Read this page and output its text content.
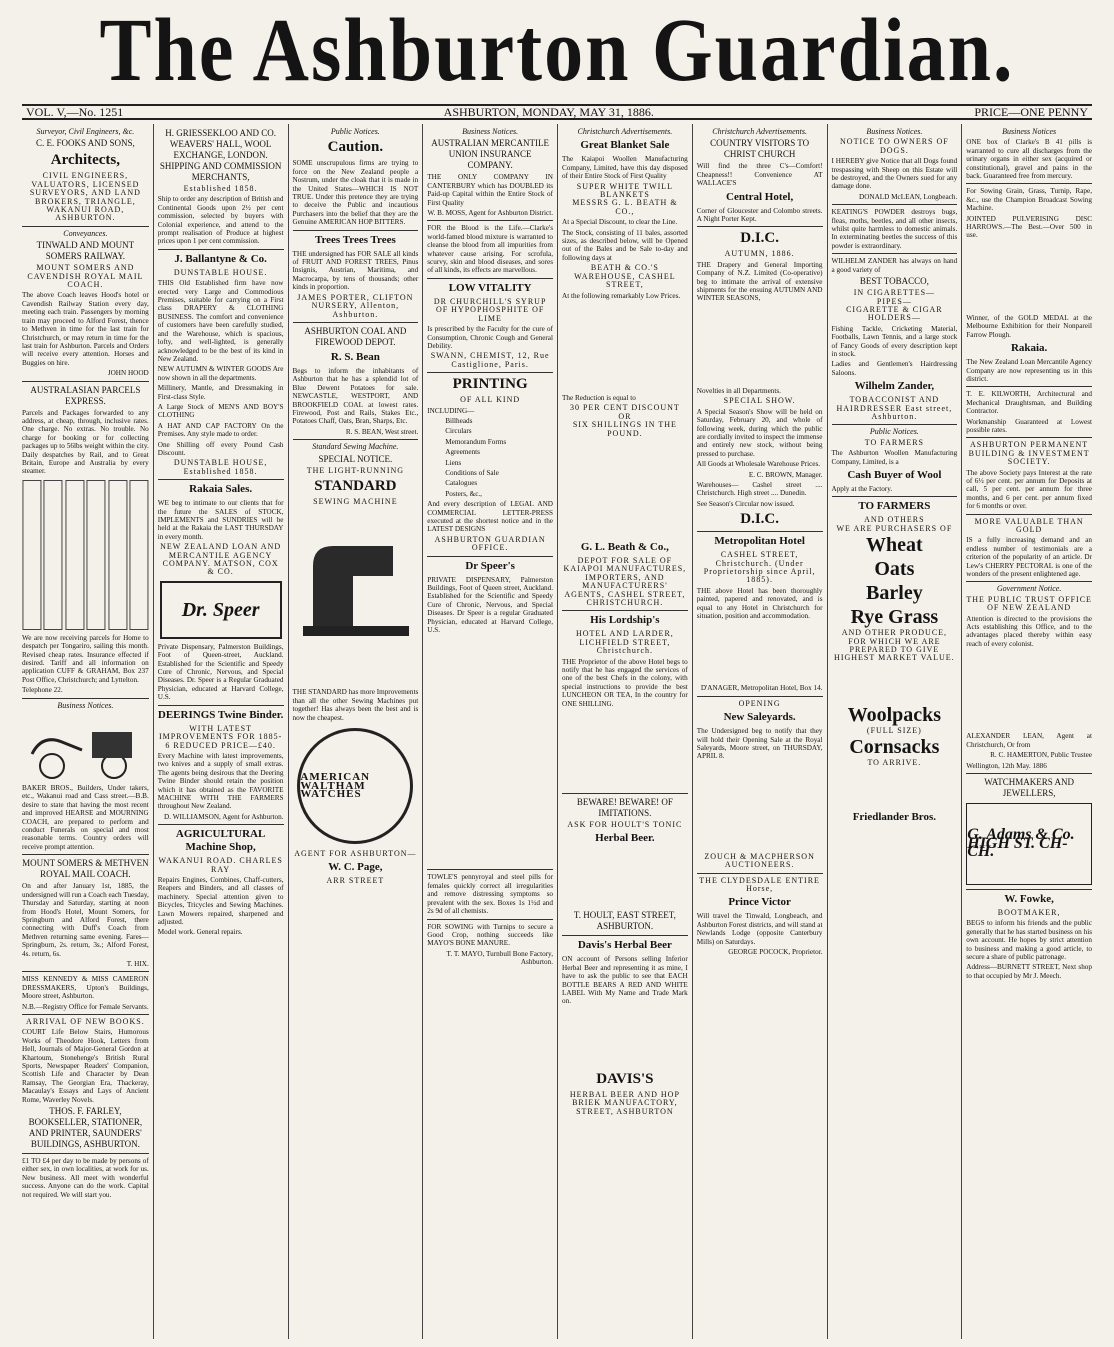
The Ashburton Guardian.
VOL. V,—No. 1251	ASHBURTON, MONDAY, MAY 31, 1886.	PRICE—ONE PENNY
Surveyor, Civil Engineers, &c.
C. E. FOOKS AND SONS,
Architects,
CIVIL ENGINEERS, VALUATORS, LICENSED SURVEYORS, AND LAND BROKERS, TRIANGLE, WAKANUI ROAD, ASHBURTON.
Conveyances.
TINWALD AND MOUNT SOMERS RAILWAY.
MOUNT SOMERS AND CAVENDISH ROYAL MAIL COACH.

The above Coach leaves Hood's hotel or Cavendish Railway Station every day, meeting each train. Passengers by morning train may proceed to Alford Forest, thence to Methven in time for the last train for Christchurch, or may return in time for the last train for Ashburton. Parcels and Orders will receive every attention. Horses and Buggies on hire.

JOHN HOOD

AUSTRALASIAN PARCELS EXPRESS.

Parcels and Packages forwarded to any address, at cheap, through, inclusive rates. One charge. No extras. No trouble. No charge for booking or for collecting packages up to 56lbs weight within the city. Daily despatches by Rail, and to Great Britain, Europe and Australia by every steamer.

We are now receiving parcels for Home to despatch per Tongariro, sailing this month. Revised cheap rates. Insurance effected if desired. Tariff and all information on application CUFF & GRAHAM, Box 237 Post Office, Christchurch; and Lyttelton.

Telephone 22.

Business Notices.

BAKER BROS., Builders, Under takers, etc., Wakanui road and Cass street.—B.B. desire to state that having the most recent and improved HEARSE and MOURNING COACH, are prepared to perform and conduct Funerals on special and most reasonable terms. Country orders will receive prompt attention.

MOUNT SOMERS & METHVEN ROYAL MAIL COACH.

On and after January 1st, 1885, the undersigned will run a Coach each Tuesday, Thursday and Saturday, starting at noon from Hood's Hotel, Mount Somers, for Springburn and Alford Forest, there connecting with Duff's Coach from Methven returning same evening. Fares—Springburn, 2s. return, 3s.; Alford Forest, 4s. return, 6s.

T. HIX.

MISS KENNEDY & MISS CAMERON DRESSMAKERS, Upton's Buildings, Moore street, Ashburton.

N.B.—Registry Office for Female Servants.

ARRIVAL OF NEW BOOKS.

COURT Life Below Stairs, Humorous Works of Theodore Hook, Letters from Hell, Journals of Major-General Gordon at Khartoum, Stonehenge's British Rural Sports, Newspaper Readers' Companion, Scottish Life and Character by Dean Ramsay, The Georgian Era, Thackeray, Macaulay's Essays and Lays of Ancient Rome, Waverley Novels.

THOS. F. FARLEY, BOOKSELLER, STATIONER, AND PRINTER, SAUNDERS' BUILDINGS, ASHBURTON.

£1 TO £4 per day to be made by persons of either sex, in own localities, at work for us. New business. All meet with wonderful success. Anyone can do the work. Capital not required. We will start you.

H. GRIESSEKLOO AND CO. WEAVERS' HALL, WOOL EXCHANGE, LONDON. SHIPPING AND COMMISSION MERCHANTS,
Established 1858.

Ship to order any description of British and Continental Goods upon 2½ per cent commission, selected by buyers with Colonial experience, and attend to the prompt realisation of Produce at highest prices upon 1 per cent commission.

J. Ballantyne & Co.
DUNSTABLE HOUSE.

THIS Old Established firm have now erected very Large and Commodious Premises, suitable for carrying on a First class DRAPERY & CLOTHING BUSINESS. The comfort and convenience of customers have been carefully studied, and the Warehouse, which is spacious, lofty, and well-lighted, is generally acknowledged to be the best of its kind in New Zealand.

NEW AUTUMN & WINTER GOODS Are now shown in all the departments.

Millinery, Mantle, and Dressmaking in First-class Style.

A Large Stock of MEN'S AND BOY'S CLOTHING

A HAT AND CAP FACTORY On the Premises. Any style made to order.

One Shilling off every Pound Cash Discount.

DUNSTABLE HOUSE, Established 1858.
Rakaia Sales.

WE beg to intimate to our clients that for the future the SALES of STOCK, IMPLEMENTS and SUNDRIES will be held at the Rakaia the LAST THURSDAY in every month.

NEW ZEALAND LOAN AND MERCANTILE AGENCY COMPANY. MATSON, COX & CO.
Dr. Speer

Private Dispensary, Palmerston Buildings, Foot of Queen-street, Auckland. Established for the Scientific and Speedy Cure of Chronic, Nervous, and Special Diseases. Dr. Speer is a Regular Graduated Physician, educated at Harvard College, U.S.

DEERINGS Twine Binder.
WITH LATEST IMPROVEMENTS FOR 1885-6 REDUCED PRICE—£40.

Every Machine with latest improvements, two knives and a supply of small extras. The agents being desirous that the Deering Twine Binder should retain the position which it has obtained as the FAVORITE MACHINE WITH THE FARMERS throughout New Zealand.

D. WILLIAMSON, Agent for Ashburton.

AGRICULTURAL Machine Shop,
WAKANUI ROAD. CHARLES RAY

Repairs Engines, Combines, Chaff-cutters, Reapers and Binders, and all classes of machinery. Special attention given to Bicycles, Tricycles and Sewing Machines. Lawn Mowers repaired, sharpened and adjusted.

Model work. General repairs.

Public Notices.
Caution.

SOME unscrupulous firms are trying to force on the New Zealand people a Nostrum, under the cloak that it is made in the United States—WHICH IS NOT TRUE. Under this pretence they are trying to deceive the Public and incautious Purchasers into the belief that they are the Genuine AMERICAN HOP BITTERS.

Trees Trees Trees

THE undersigned has FOR SALE all kinds of FRUIT AND FOREST TREES, Pinus Insignis, Austrian, Maritima, and Macrocarpa, by tens of thousands; other kinds in proportion.

JAMES PORTER, CLIFTON NURSERY, Allenton, Ashburton.
ASHBURTON COAL AND FIREWOOD DEPOT.
R. S. Bean

Begs to inform the inhabitants of Ashburton that he has a splendid lot of Blue Dewent Potatoes for sale. NEWCASTLE, WESTPORT, AND BROOKFIELD COAL at lowest rates. Firewood, Post and Rails, Stakes Etc., Potatoes Chaff, Oats, Bran, Sharps, Etc.

R. S. BEAN, West street.

Standard Sewing Machine.
SPECIAL NOTICE.
THE LIGHT-RUNNING
STANDARD
SEWING MACHINE

THE STANDARD has more Improvements than all the other Sewing Machines put together! Has always been the best and is now the cheapest.

AMERICAN WALTHAM WATCHES
AGENT FOR ASHBURTON—
W. C. Page,
ARR STREET
Business Notices.
AUSTRALIAN MERCANTILE UNION INSURANCE COMPANY.

THE ONLY COMPANY IN CANTERBURY which has DOUBLED its Paid-up Capital within the Entire Stock of First Quality

W. B. MOSS, Agent for Ashburton District.

FOR the Blood is the Life.—Clarke's world-famed blood mixture is warranted to cleanse the blood from all impurities from whatever cause arising. For scrofula, scurvy, skin and blood diseases, and sores of all kinds, its effects are marvellous.

LOW VITALITY
DR CHURCHILL'S SYRUP OF HYPOPHOSPHITE OF LIME

Is prescribed by the Faculty for the cure of Consumption, Chronic Cough and General Debility.

SWANN, CHEMIST, 12, Rue Castiglione, Paris.
PRINTING
OF ALL KIND

INCLUDING—

Billheads

Circulars

Memorandum Forms

Agreements

Liens

Conditions of Sale

Catalogues

Posters, &c.,

And every description of LEGAL AND COMMERCIAL LETTER-PRESS executed at the shortest notice and in the LATEST DESIGNS

ASHBURTON GUARDIAN OFFICE.
Dr Speer's

PRIVATE DISPENSARY, Palmerston Buildings, Foot of Queen street, Auckland. Established for the Scientific and Speedy Cure of Chronic, Nervous, and Special Diseases. Dr Speer is a regular Graduated Physician, educated at Harvard College, U.S.

TOWLE'S pennyroyal and steel pills for females quickly correct all irregularities and remove distressing symptoms so prevalent with the sex. Boxes 1s 1½d and 2s 9d of all chemists.

FOR SOWING with Turnips to secure a Good Crop, nothing succeeds like MAYO'S BONE MANURE.

T. T. MAYO, Turnbull Bone Factory, Ashburton.

Christchurch Advertisements.
Great Blanket Sale

The Kaiapoi Woollen Manufacturing Company, Limited, have this day disposed of their Entire Stock of First Quality

SUPER WHITE TWILL BLANKETS
MESSRS G. L. BEATH & CO.,

At a Special Discount, to clear the Line.

The Stock, consisting of 11 bales, assorted sizes, as described below, will be Opened out of the Bales and be Sale to-day and following days at

BEATH & CO.'S WAREHOUSE, CASHEL STREET,

At the following remarkably Low Prices.

The Reduction is equal to

30 PER CENT DISCOUNT
OR
SIX SHILLINGS IN THE POUND.
G. L. Beath & Co.,
DEPOT FOR SALE OF KAIAPOI MANUFACTURES, IMPORTERS, AND MANUFACTURERS' AGENTS, CASHEL STREET, CHRISTCHURCH.
His Lordship's
HOTEL AND LARDER, LICHFIELD STREET, Christchurch.

THE Proprietor of the above Hotel begs to notify that he has engaged the services of one of the best Chefs in the colony, with special instructions to provide the best LUNCHEON OR TEA, In the country for ONE SHILLING.

BEWARE! BEWARE! OF IMITATIONS.
ASK FOR HOULT'S TONIC
Herbal Beer.
T. HOULT, EAST STREET, ASHBURTON.
Davis's Herbal Beer

ON account of Persons selling Inferior Herbal Beer and representing it as mine, I have to ask the public to see that EACH BOTTLE BEARS A RED AND WHITE LABEL With My Name and Trade Mark on.

DAVIS'S
HERBAL BEER AND HOP BRIEK MANUFACTORY, STREET, ASHBURTON
Christchurch Advertisements.
COUNTRY VISITORS TO CHRIST CHURCH

Will find the three C's—Comfort! Cheapness!! Convenience AT WALLACE'S

Central Hotel,

Corner of Gloucester and Colombo streets. A Night Porter Kept.

D.I.C.
AUTUMN, 1886.

THE Drapery and General Importing Company of N.Z. Limited (Co-operative) beg to intimate the arrival of extensive shipments for the ensuing AUTUMN AND WINTER SEASONS,

Novelties in all Departments.

SPECIAL SHOW.

A Special Season's Show will be held on Saturday, February 20, and whole of following week, during which the public are cordially invited to inspect the immense and entirely new stock, without being pressed to purchase.

All Goods at Wholesale Warehouse Prices.

E. C. BROWN, Manager.

Warehouses— Cashel street .... Christchurch. High street .... Dunedin.

See Season's Circular now issued.

D.I.C.
Metropolitan Hotel
CASHEL STREET, Christchurch. (Under Proprietorship since April, 1885).

THE above Hotel has been thoroughly painted, papered and renovated, and is equal to any Hotel in Christchurch for situation, position and accommodation.

D'ANAGER, Metropolitan Hotel, Box 14.

OPENING
New Saleyards.

The Undersigned beg to notify that they will hold their Opening Sale at the Royal Saleyards, Moore street, on THURSDAY, APRIL 8.

ZOUCH & MACPHERSON AUCTIONEERS.
THE CLYDESDALE ENTIRE Horse,
Prince Victor

Will travel the Tinwald, Longbeach, and Ashburton Forest districts, and will stand at Newlands Lodge (opposite Canterbury Mills) on Saturdays.

GEORGE POCOCK, Proprietor.

Business Notices.
NOTICE TO OWNERS OF DOGS.

I HEREBY give Notice that all Dogs found trespassing with Sheep on this Estate will be destroyed, and the Owners sued for any damage done.

DONALD McLEAN, Longbeach.

KEATING'S POWDER destroys bugs, fleas, moths, beetles, and all other insects, whilst quite harmless to domestic animals. In exterminating beetles the success of this powder is extraordinary.

WILHELM ZANDER has always on hand a good variety of

BEST TOBACCO,
IN CIGARETTES—
PIPES—
CIGARETTE & CIGAR HOLDERS—

Fishing Tackle, Cricketing Material, Footballs, Lawn Tennis, and a large stock of Fancy Goods of every description kept in stock.

Ladies and Gentlemen's Hairdressing Saloons.

Wilhelm Zander,
TOBACCONIST AND HAIRDRESSER East street, Ashburton.
Public Notices.
TO FARMERS

The Ashburton Woollen Manufacturing Company, Limited, is a

Cash Buyer of Wool

Apply at the Factory.

TO FARMERS
AND OTHERS
WE ARE PURCHASERS OF
Wheat
Oats
Barley
Rye Grass
AND OTHER PRODUCE, FOR WHICH WE ARE PREPARED TO GIVE HIGHEST MARKET VALUE.
Woolpacks
(FULL SIZE)
Cornsacks
TO ARRIVE.
Friedlander Bros.
Business Notices

ONE box of Clarke's B 41 pills is warranted to cure all discharges from the urinary organs in either sex (acquired or constitutional), gravel and pains in the back. Guaranteed free from mercury.

For Sowing Grain, Grass, Turnip, Rape, &c., use the Champion Broadcast Sowing Machine.

JOINTED PULVERISING DISC HARROWS.—The Best.—Over 500 in use.

Winner, of the GOLD MEDAL at the Melbourne Exhibition for their Nonpareil Farrow Plough.

Rakaia.

The New Zealand Loan Mercantile Agency Company are now representing us in this district.

T. E. KILWORTH, Architectural and Mechanical Draughtsman, and Building Contractor.

Workmanship Guaranteed at Lowest possible rates.

ASHBURTON PERMANENT BUILDING & INVESTMENT SOCIETY.

The above Society pays Interest at the rate of 6½ per cent. per annum for Deposits at call, 5 per cent. per annum for three months, and 6 per cent. per annum fixed for 6 months or over.

MORE VALUABLE THAN GOLD

IS a fully increasing demand and an endless number of testimonials are a criterion of the popularity of an article. Dr Lew's CHERRY PECTORAL is one of the wonders of the present enlightened age.

Government Notice.
THE PUBLIC TRUST OFFICE OF NEW ZEALAND

Attention is directed to the provisions the Acts establishing this Office, and to the advantages placed thereby within easy reach of every colonist.

ALEXANDER LEAN, Agent at Christchurch, Or from

R. C. HAMERTON, Public Trustee

Wellington, 12th May. 1886

WATCHMAKERS AND JEWELLERS,
G. Adams & Co. HIGH ST. CH-CH.
W. Fowke,
BOOTMAKER,

BEGS to inform his friends and the public generally that he has started business on his own account. He hopes by strict attention to business and making a good article, to secure a share of public patronage.

Address—BURNETT STREET, Next shop to that occupied by Mr J. Meech.
